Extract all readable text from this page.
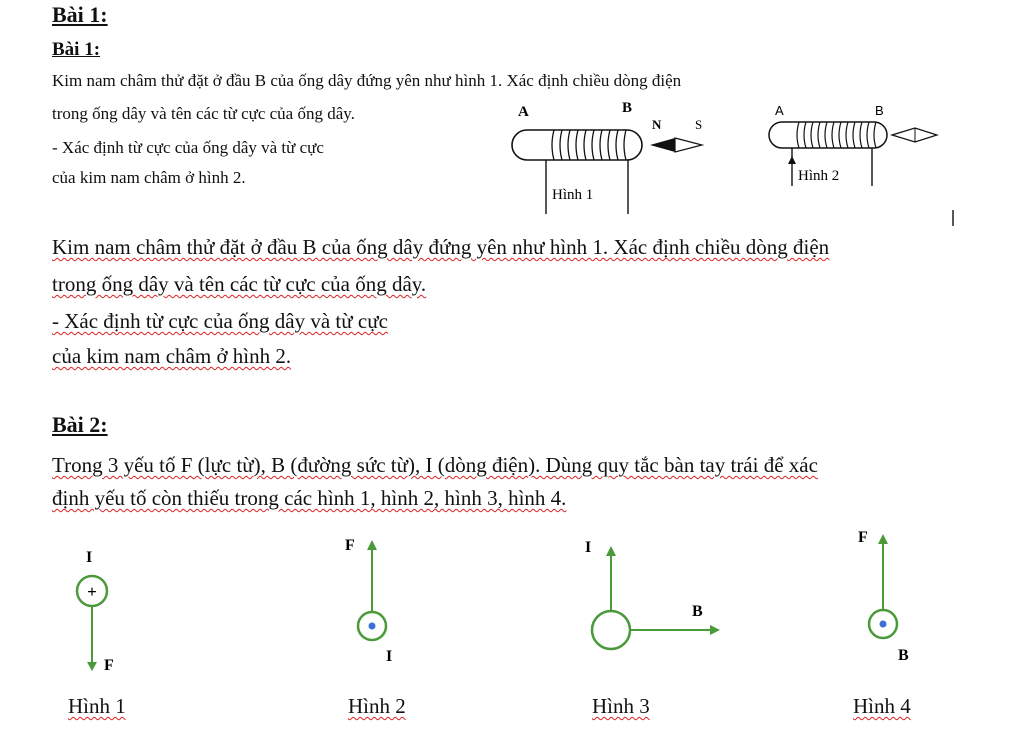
Bài 1:
Bài 1:
Kim nam châm thử đặt ở đầu B của ống dây đứng yên như hình 1. Xác định chiều dòng điện
trong ống dây và tên các từ cực của ống dây.
- Xác định từ cực của ống dây và từ cực
của kim nam châm ở hình 2.
A	B
N	S
Hình 1
A	B
Hình 2
Kim nam châm thử đặt ở đầu B của ống dây đứng yên như hình 1. Xác định chiều dòng điện
trong ống dây và tên các từ cực của ống dây.
- Xác định từ cực của ống dây và từ cực
của kim nam châm ở hình 2.
Bài 2:
Trong 3 yếu tố F (lực từ), B (đường sức từ), I (dòng điện). Dùng quy tắc bàn tay trái để xác
định yếu tố còn thiếu trong các hình 1, hình 2, hình 3, hình 4.
I
+
F
Hình 1
F
I
Hình 2
I
B
Hình 3
F
B
Hình 4
